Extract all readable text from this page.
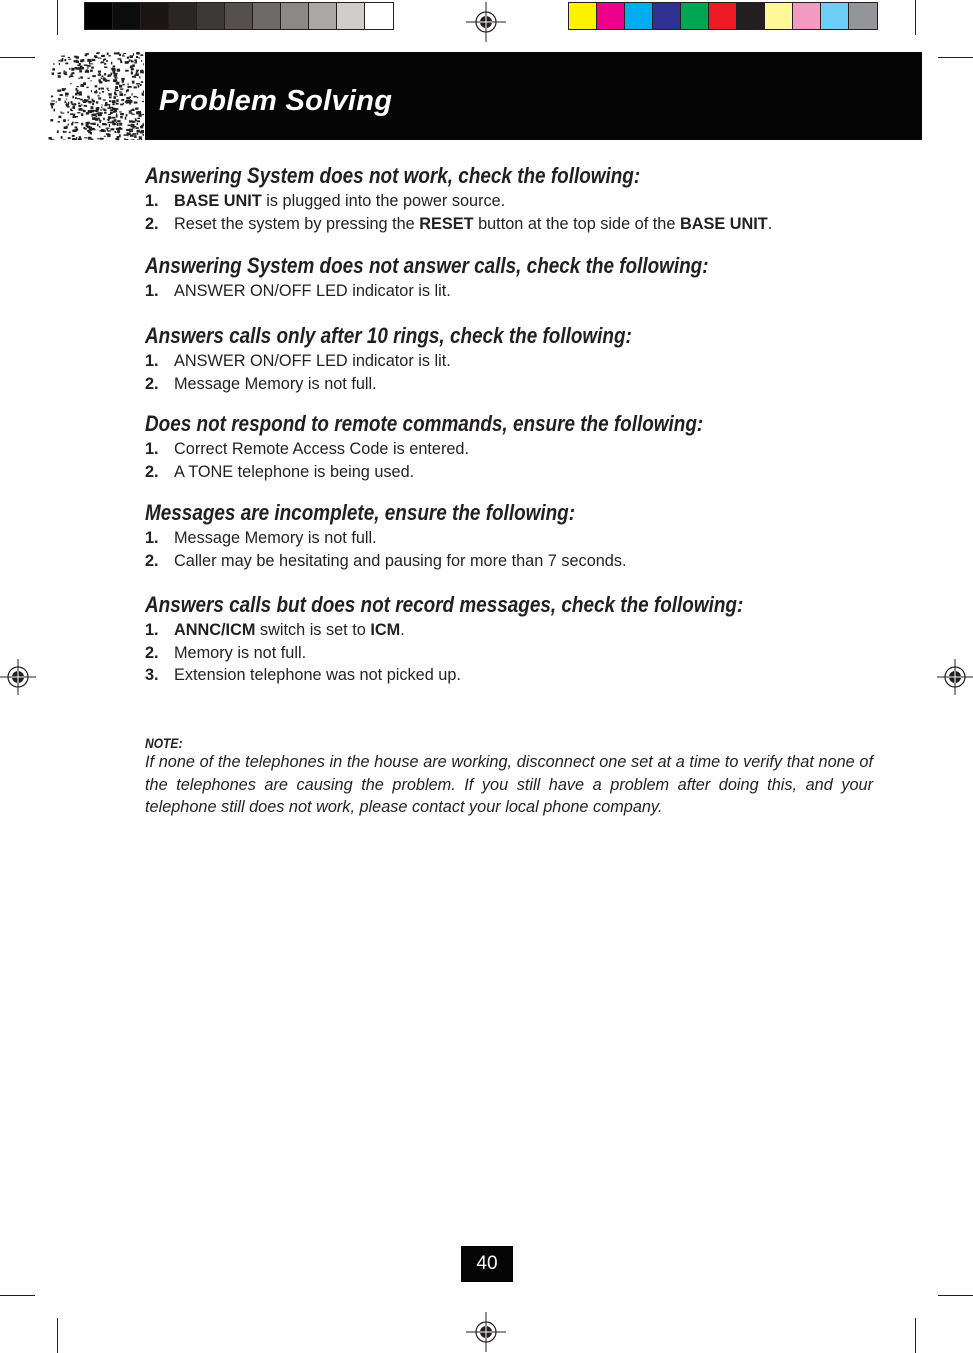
Problem Solving
Answering System does not work, check the following:
1. BASE UNIT is plugged into the power source.
2. Reset the system by pressing the RESET button at the top side of the BASE UNIT.
Answering System does not answer calls, check the following:
1. ANSWER ON/OFF LED indicator is lit.
Answers calls only after 10 rings, check the following:
1. ANSWER ON/OFF LED indicator is lit.
2. Message Memory is not full.
Does not respond to remote commands, ensure the following:
1. Correct Remote Access Code is entered.
2. A TONE telephone is being used.
Messages are incomplete, ensure the following:
1. Message Memory is not full.
2. Caller may be hesitating and pausing for more than 7 seconds.
Answers calls but does not record messages, check the following:
1. ANNC/ICM switch is set to ICM.
2. Memory is not full.
3. Extension telephone was not picked up.

NOTE:

If none of the telephones in the house are working, disconnect one set at a time to verify that none of the telephones are causing the problem. If you still have a problem after doing this, and your telephone still does not work, please contact your local phone company.

40
